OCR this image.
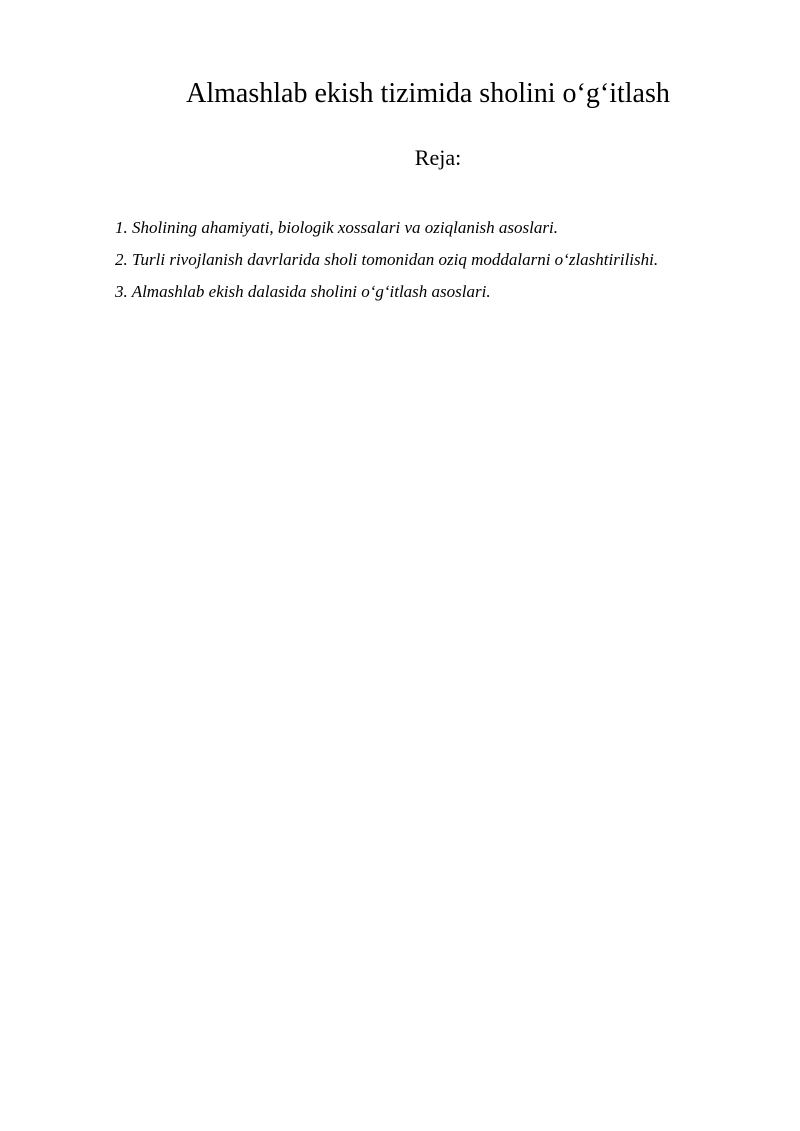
Almashlab ekish tizimida sholini o‘g‘itlash
Reja:
1. Sholining ahamiyati, biologik xossalari va oziqlanish asoslari.
2. Turli rivojlanish davrlarida sholi tomonidan oziq moddalarni o‘zlashtirilishi.
3. Almashlab ekish dalasida sholini o‘g‘itlash asoslari.
